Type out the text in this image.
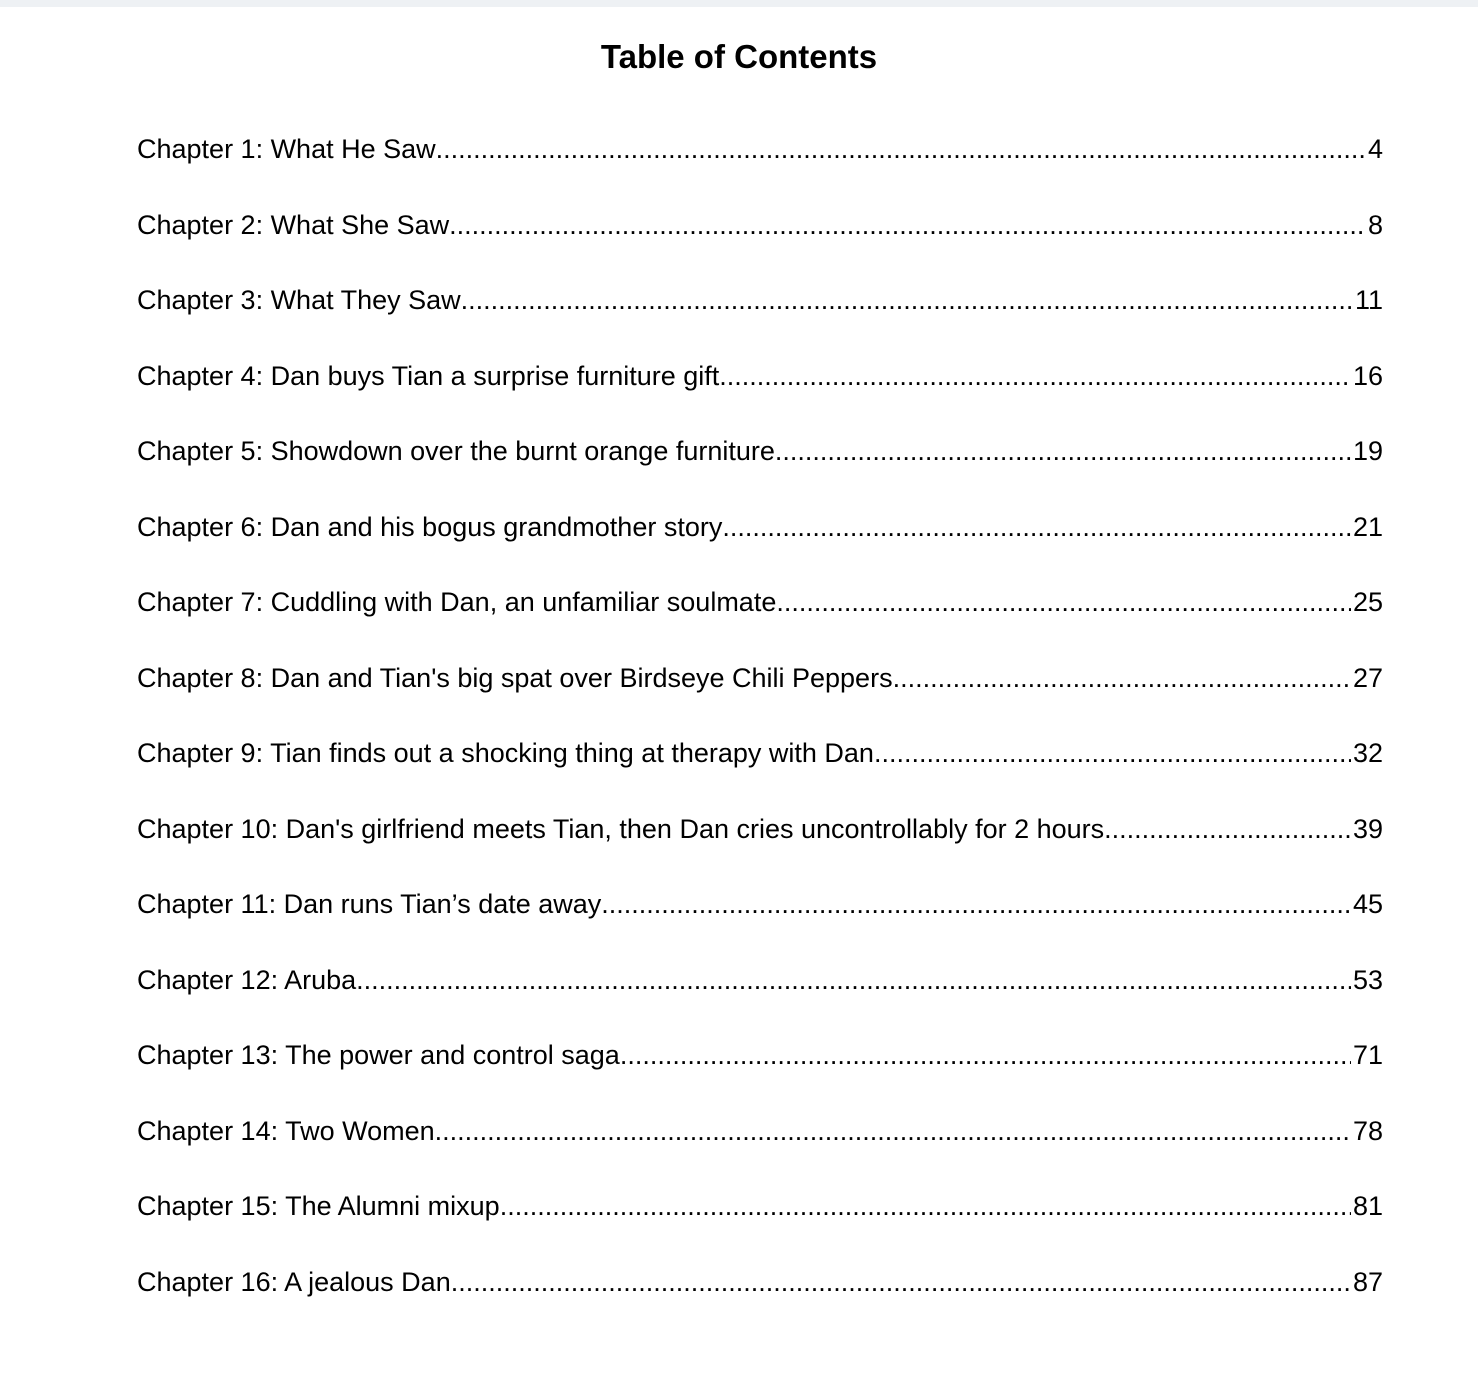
Table of Contents
Chapter 1: What He Saw .....	4
Chapter 2: What She Saw .....	8
Chapter 3: What They Saw .....	11
Chapter 4: Dan buys Tian a surprise furniture gift .....	16
Chapter 5: Showdown over the burnt orange furniture .....	19
Chapter 6: Dan and his bogus grandmother story .....	21
Chapter 7: Cuddling with Dan, an unfamiliar soulmate .....	25
Chapter 8: Dan and Tian's big spat over Birdseye Chili Peppers .....	27
Chapter 9: Tian finds out a shocking thing at therapy with Dan .....	32
Chapter 10: Dan's girlfriend meets Tian, then Dan cries uncontrollably for 2 hours .....	39
Chapter 11: Dan runs Tian’s date away .....	45
Chapter 12: Aruba .....	53
Chapter 13: The power and control saga .....	71
Chapter 14: Two Women .....	78
Chapter 15: The Alumni mixup .....	81
Chapter 16: A jealous Dan .....	87
